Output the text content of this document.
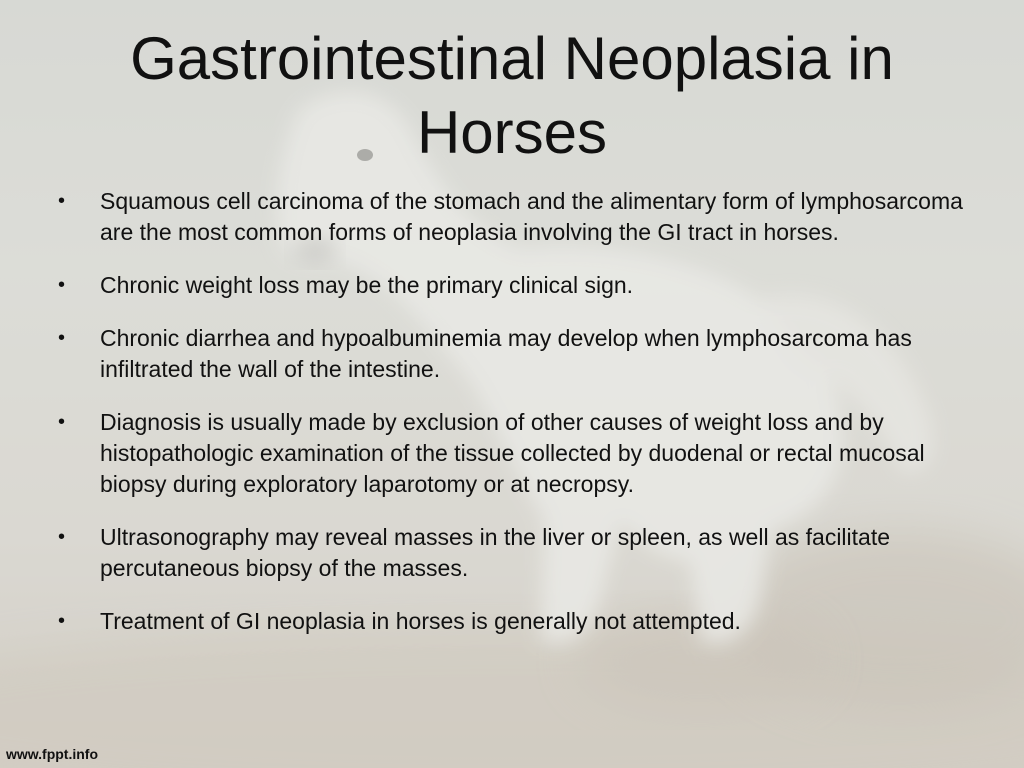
Gastrointestinal Neoplasia in Horses
• Squamous cell carcinoma of the stomach and the alimentary form of lymphosarcoma are the most common forms of neoplasia involving the GI tract in horses.
• Chronic weight loss may be the primary clinical sign.
• Chronic diarrhea and hypoalbuminemia may develop when lymphosarcoma has infiltrated the wall of the intestine.
• Diagnosis is usually made by exclusion of other causes of weight loss and by histopathologic examination of the tissue collected by duodenal or rectal mucosal biopsy during exploratory laparotomy or at necropsy.
• Ultrasonography may reveal masses in the liver or spleen, as well as facilitate percutaneous biopsy of the masses.
• Treatment of GI neoplasia in horses is generally not attempted.
www.fppt.info
